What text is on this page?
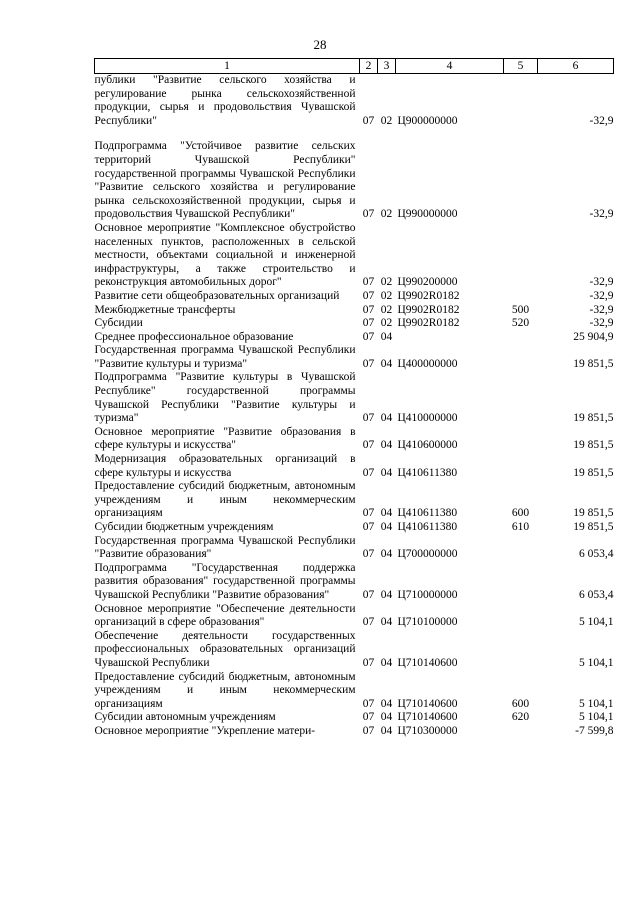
28
1	2	3	4	5	6
публики "Развитие сельского хозяйства и регулирование рынка сельскохозяйственной продукции, сырья и продовольствия Чувашской Республики"	07	02	Ц900000000		-32,9

Подпрограмма "Устойчивое развитие сельских территорий Чувашской Республики" государственной программы Чувашской Республики "Развитие сельского хозяйства и регулирование рынка сельскохозяйственной продукции, сырья и продовольствия Чувашской Республики"	07	02	Ц990000000		-32,9
Основное мероприятие "Комплексное обустройство населенных пунктов, расположенных в сельской местности, объектами социальной и инженерной инфраструктуры, а также строительство и реконструкция автомобильных дорог"	07	02	Ц990200000		-32,9
Развитие сети общеобразовательных организаций	07	02	Ц9902R0182		-32,9
Межбюджетные трансферты	07	02	Ц9902R0182	500	-32,9
Субсидии	07	02	Ц9902R0182	520	-32,9
Среднее профессиональное образование	07	04			25 904,9
Государственная программа Чувашской Республики "Развитие культуры и туризма"	07	04	Ц400000000		19 851,5
Подпрограмма "Развитие культуры в Чувашской Республике" государственной программы Чувашской Республики "Развитие культуры и туризма"	07	04	Ц410000000		19 851,5
Основное мероприятие "Развитие образования в сфере культуры и искусства"	07	04	Ц410600000		19 851,5
Модернизация образовательных организаций в сфере культуры и искусства	07	04	Ц410611380		19 851,5
Предоставление субсидий бюджетным, автономным учреждениям и иным некоммерческим организациям	07	04	Ц410611380	600	19 851,5
Субсидии бюджетным учреждениям	07	04	Ц410611380	610	19 851,5
Государственная программа Чувашской Республики "Развитие образования"	07	04	Ц700000000		6 053,4
Подпрограмма "Государственная поддержка развития образования" государственной программы Чувашской Республики "Развитие образования"	07	04	Ц710000000		6 053,4
Основное мероприятие "Обеспечение деятельности организаций в сфере образования"	07	04	Ц710100000		5 104,1
Обеспечение деятельности государственных профессиональных образовательных организаций Чувашской Республики	07	04	Ц710140600		5 104,1
Предоставление субсидий бюджетным, автономным учреждениям и иным некоммерческим организациям	07	04	Ц710140600	600	5 104,1
Субсидии автономным учреждениям	07	04	Ц710140600	620	5 104,1
Основное мероприятие "Укрепление матери-	07	04	Ц710300000		-7 599,8
